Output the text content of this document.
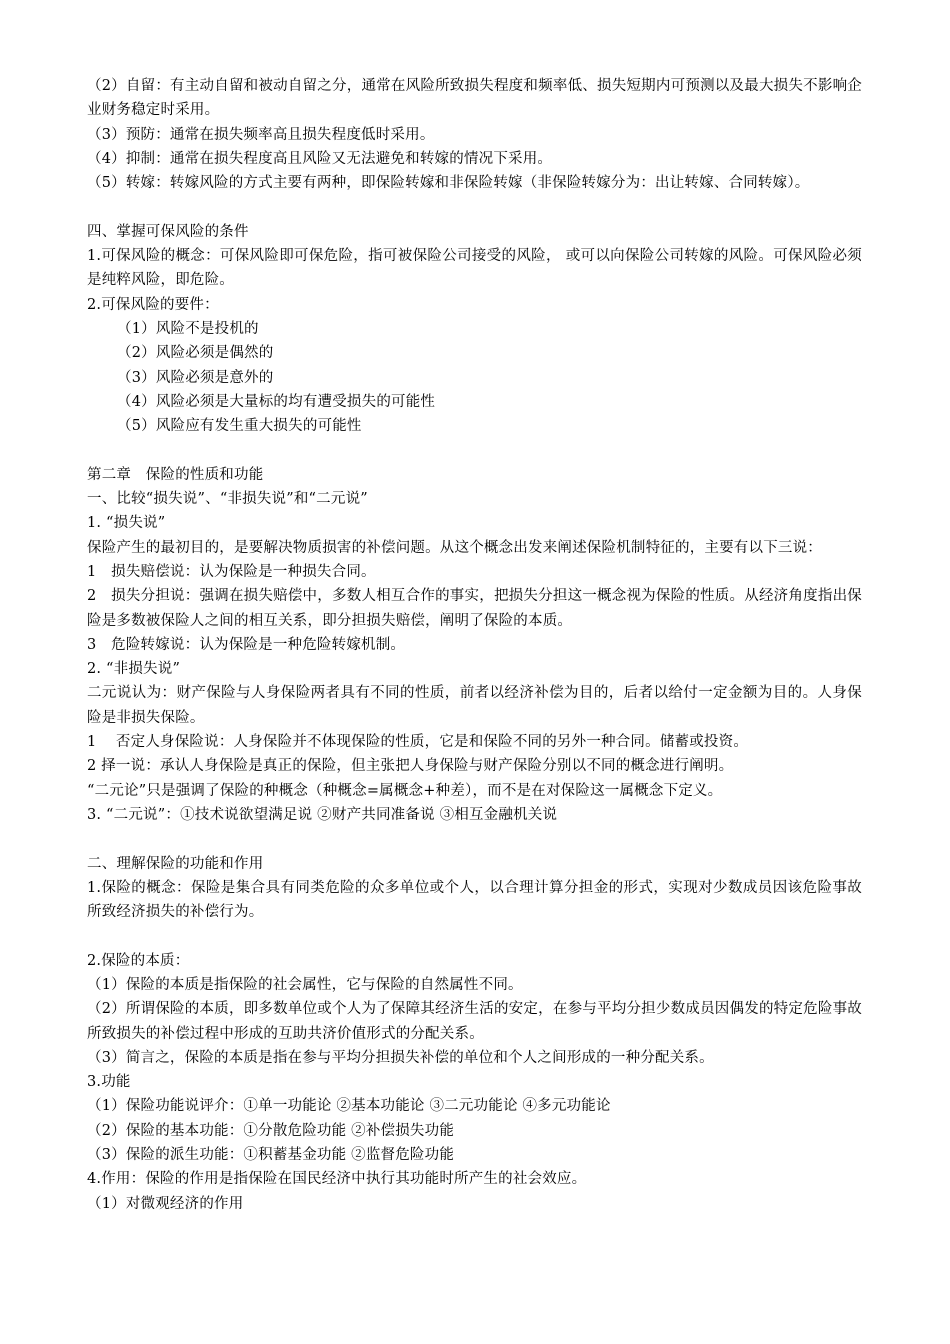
（2）自留：有主动自留和被动自留之分，通常在风险所致损失程度和频率低、损失短期内可预测以及最大损失不影响企业财务稳定时采用。
（3）预防：通常在损失频率高且损失程度低时采用。
（4）抑制：通常在损失程度高且风险又无法避免和转嫁的情况下采用。
（5）转嫁：转嫁风险的方式主要有两种，即保险转嫁和非保险转嫁（非保险转嫁分为：出让转嫁、合同转嫁）。
四、掌握可保风险的条件
1.可保风险的概念：可保风险即可保危险，指可被保险公司接受的风险， 或可以向保险公司转嫁的风险。可保风险必须是纯粹风险，即危险。
2.可保风险的要件：
（1）风险不是投机的
（2）风险必须是偶然的
（3）风险必须是意外的
（4）风险必须是大量标的均有遭受损失的可能性
（5）风险应有发生重大损失的可能性
第二章　保险的性质和功能
一、比较“损失说”、“非损失说”和“二元说”
1. “损失说”
保险产生的最初目的，是要解决物质损害的补偿问题。从这个概念出发来阐述保险机制特征的，主要有以下三说：
1　损失赔偿说：认为保险是一种损失合同。
2　损失分担说：强调在损失赔偿中，多数人相互合作的事实，把损失分担这一概念视为保险的性质。从经济角度指出保险是多数被保险人之间的相互关系，即分担损失赔偿，阐明了保险的本质。
3　危险转嫁说：认为保险是一种危险转嫁机制。
2. “非损失说”
二元说认为：财产保险与人身保险两者具有不同的性质，前者以经济补偿为目的，后者以给付一定金额为目的。人身保险是非损失保险。
1　 否定人身保险说：人身保险并不体现保险的性质，它是和保险不同的另外一种合同。储蓄或投资。
2 择一说：承认人身保险是真正的保险，但主张把人身保险与财产保险分别以不同的概念进行阐明。
“二元论”只是强调了保险的种概念（种概念=属概念+种差），而不是在对保险这一属概念下定义。
3. “二元说”：①技术说欲望满足说 ②财产共同准备说 ③相互金融机关说
二、理解保险的功能和作用
1.保险的概念：保险是集合具有同类危险的众多单位或个人，以合理计算分担金的形式，实现对少数成员因该危险事故所致经济损失的补偿行为。
2.保险的本质：
（1）保险的本质是指保险的社会属性，它与保险的自然属性不同。
（2）所谓保险的本质，即多数单位或个人为了保障其经济生活的安定，在参与平均分担少数成员因偶发的特定危险事故所致损失的补偿过程中形成的互助共济价值形式的分配关系。
（3）简言之，保险的本质是指在参与平均分担损失补偿的单位和个人之间形成的一种分配关系。
3.功能
（1）保险功能说评介：①单一功能论 ②基本功能论 ③二元功能论 ④多元功能论
（2）保险的基本功能：①分散危险功能 ②补偿损失功能
（3）保险的派生功能：①积蓄基金功能 ②监督危险功能
4.作用：保险的作用是指保险在国民经济中执行其功能时所产生的社会效应。
（1）对微观经济的作用
